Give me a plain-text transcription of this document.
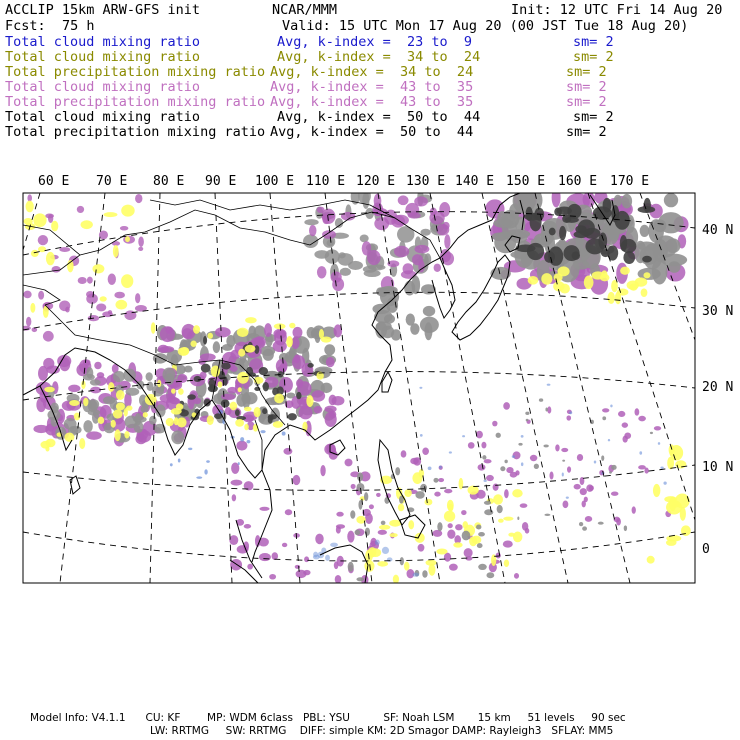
ACCLIP 15km ARW-GFS init	NCAR/MMM	Init: 12 UTC Fri 14 Aug 20
Fcst: 75 h	Valid: 15 UTC Mon 17 Aug 20 (00 JST Tue 18 Aug 20)
Total cloud mixing ratio	Avg, k-index =  23 to  9	sm= 2
Total cloud mixing ratio	Avg, k-index =  34 to  24	sm= 2
Total precipitation mixing ratio Avg, k-index =  34 to  24	sm= 2
Total cloud mixing ratio	Avg, k-index =  43 to  35	sm= 2
Total precipitation mixing ratio Avg, k-index =  43 to  35	sm= 2
Total cloud mixing ratio	Avg, k-index =  50 to  44	sm= 2
Total precipitation mixing ratio Avg, k-index =  50 to  44	sm= 2
60 E 70 E 80 E 90 E 100 E 110 E 120 E 130 E 140 E 150 E 160 E 170 E
40 N
30 N
20 N
10 N
0
Model Info: V4.1.1      CU: KF        MP: WDM 6class   PBL: YSU          SF: Noah LSM       15 km     51 levels     90 sec
LW: RRTMG     SW: RRTMG    DIFF: simple KM: 2D Smagor DAMP: Rayleigh3   SFLAY: MM5
